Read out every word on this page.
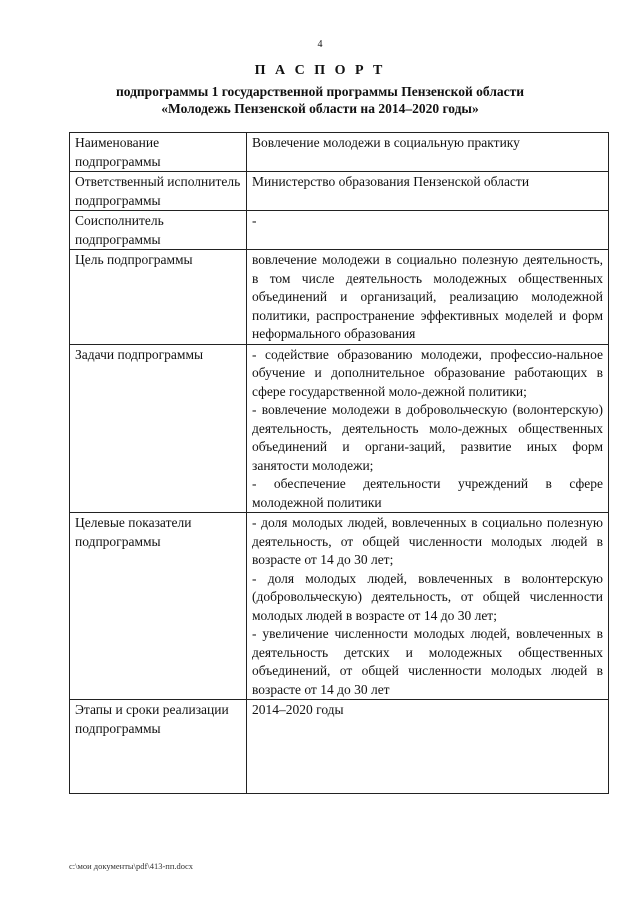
4
П А С П О Р Т
подпрограммы 1 государственной программы Пензенской области
«Молодежь Пензенской области на 2014–2020 годы»
Наименование подпрограммы	Вовлечение молодежи в социальную практику

Ответственный исполнитель подпрограммы	Министерство образования Пензенской области

Соисполнитель подпрограммы	-

Цель подпрограммы	вовлечение молодежи в социально полезную деятельность, в том числе деятельность молодежных общественных объединений и организаций, реализацию молодежной политики, распространение эффективных моделей и форм неформального образования

Задачи подпрограммы	- содействие образованию молодежи, профессио-нальное обучение и дополнительное образование работающих в сфере государственной моло-дежной политики;
- вовлечение молодежи в добровольческую (волонтерскую) деятельность, деятельность моло-дежных общественных объединений и органи-заций, развитие иных форм занятости молодежи;
- обеспечение деятельности учреждений в сфере молодежной политики

Целевые показатели подпрограммы	- доля молодых людей, вовлеченных в социально полезную деятельность, от общей численности молодых людей в возрасте от 14 до 30 лет;
- доля молодых людей, вовлеченных в волонтерскую (добровольческую) деятельность, от общей численности молодых людей в возрасте от 14 до 30 лет;
- увеличение численности молодых людей, вовлеченных в деятельность детских и молодежных общественных объединений, от общей численности молодых людей в возрасте от 14 до 30 лет

Этапы и сроки реализации подпрограммы	2014–2020 годы
c:\мои документы\pdf\413-пп.docx
